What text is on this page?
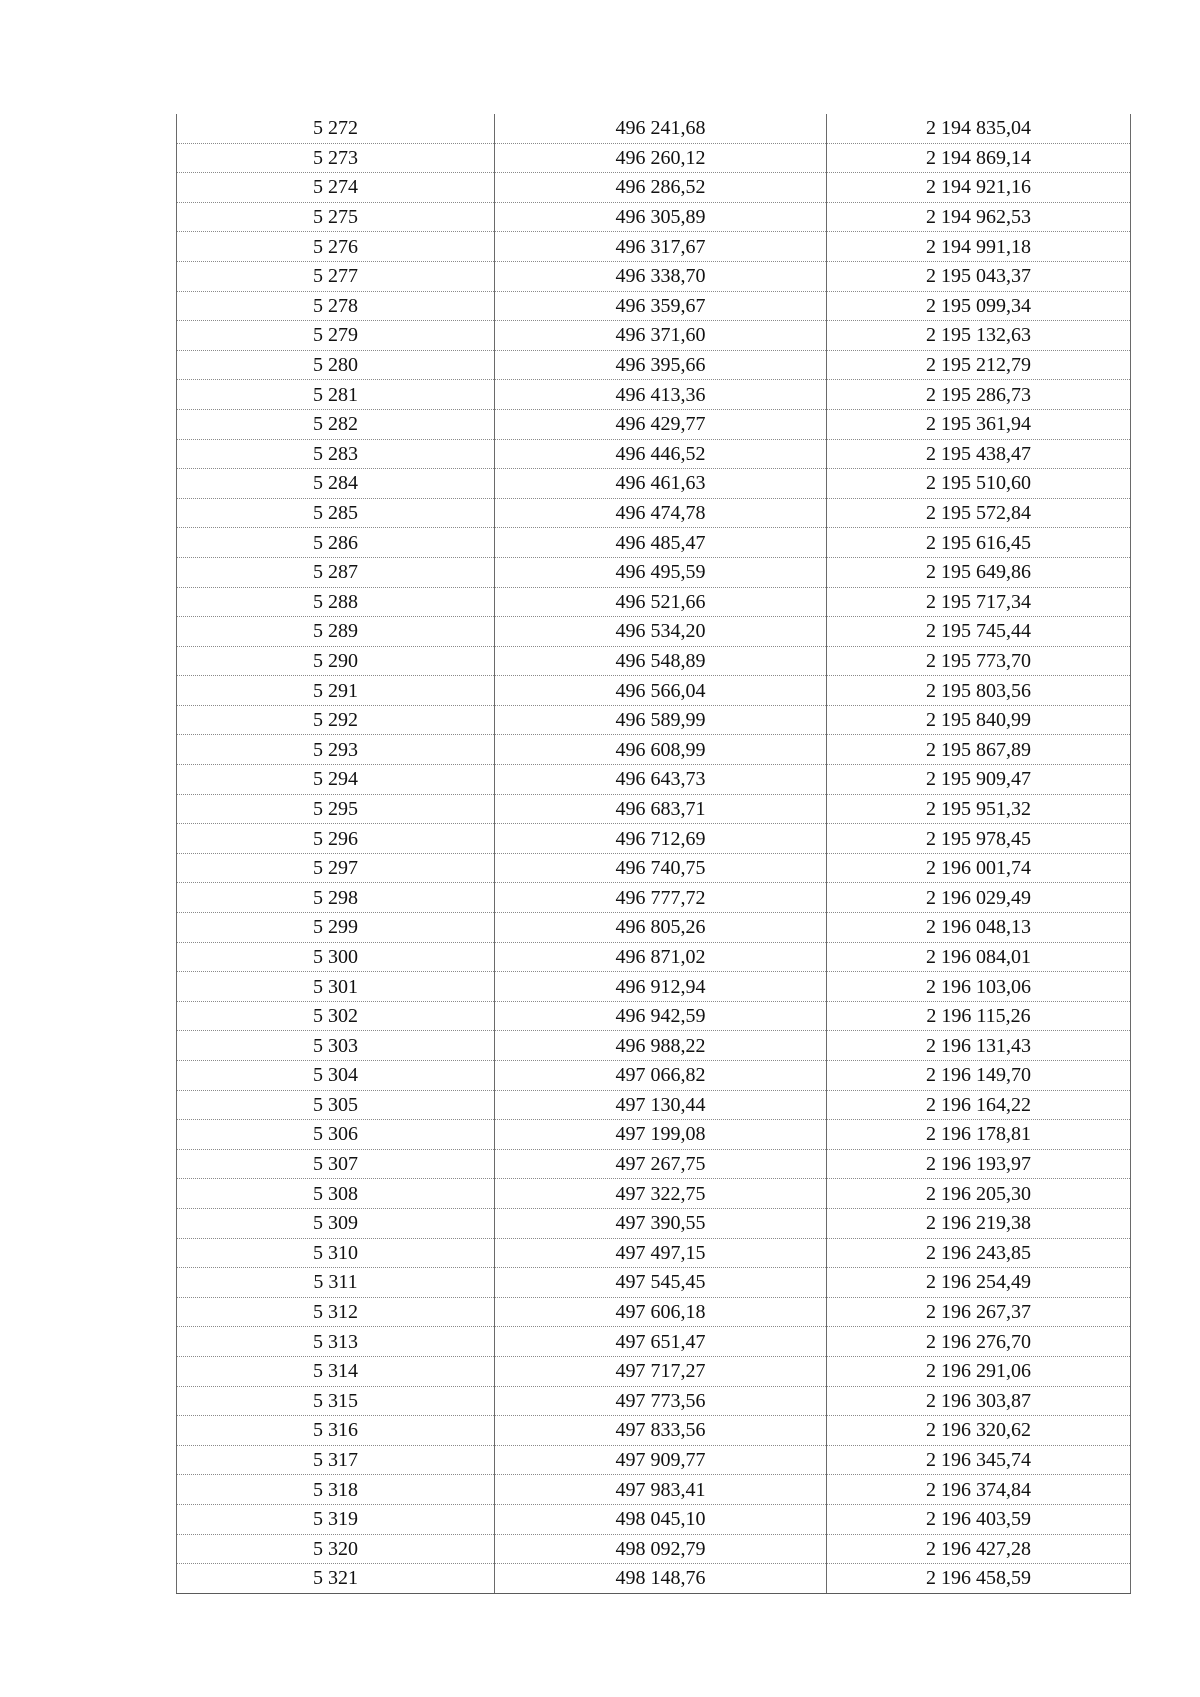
5 272	496 241,68	2 194 835,04
5 273	496 260,12	2 194 869,14
5 274	496 286,52	2 194 921,16
5 275	496 305,89	2 194 962,53
5 276	496 317,67	2 194 991,18
5 277	496 338,70	2 195 043,37
5 278	496 359,67	2 195 099,34
5 279	496 371,60	2 195 132,63
5 280	496 395,66	2 195 212,79
5 281	496 413,36	2 195 286,73
5 282	496 429,77	2 195 361,94
5 283	496 446,52	2 195 438,47
5 284	496 461,63	2 195 510,60
5 285	496 474,78	2 195 572,84
5 286	496 485,47	2 195 616,45
5 287	496 495,59	2 195 649,86
5 288	496 521,66	2 195 717,34
5 289	496 534,20	2 195 745,44
5 290	496 548,89	2 195 773,70
5 291	496 566,04	2 195 803,56
5 292	496 589,99	2 195 840,99
5 293	496 608,99	2 195 867,89
5 294	496 643,73	2 195 909,47
5 295	496 683,71	2 195 951,32
5 296	496 712,69	2 195 978,45
5 297	496 740,75	2 196 001,74
5 298	496 777,72	2 196 029,49
5 299	496 805,26	2 196 048,13
5 300	496 871,02	2 196 084,01
5 301	496 912,94	2 196 103,06
5 302	496 942,59	2 196 115,26
5 303	496 988,22	2 196 131,43
5 304	497 066,82	2 196 149,70
5 305	497 130,44	2 196 164,22
5 306	497 199,08	2 196 178,81
5 307	497 267,75	2 196 193,97
5 308	497 322,75	2 196 205,30
5 309	497 390,55	2 196 219,38
5 310	497 497,15	2 196 243,85
5 311	497 545,45	2 196 254,49
5 312	497 606,18	2 196 267,37
5 313	497 651,47	2 196 276,70
5 314	497 717,27	2 196 291,06
5 315	497 773,56	2 196 303,87
5 316	497 833,56	2 196 320,62
5 317	497 909,77	2 196 345,74
5 318	497 983,41	2 196 374,84
5 319	498 045,10	2 196 403,59
5 320	498 092,79	2 196 427,28
5 321	498 148,76	2 196 458,59
